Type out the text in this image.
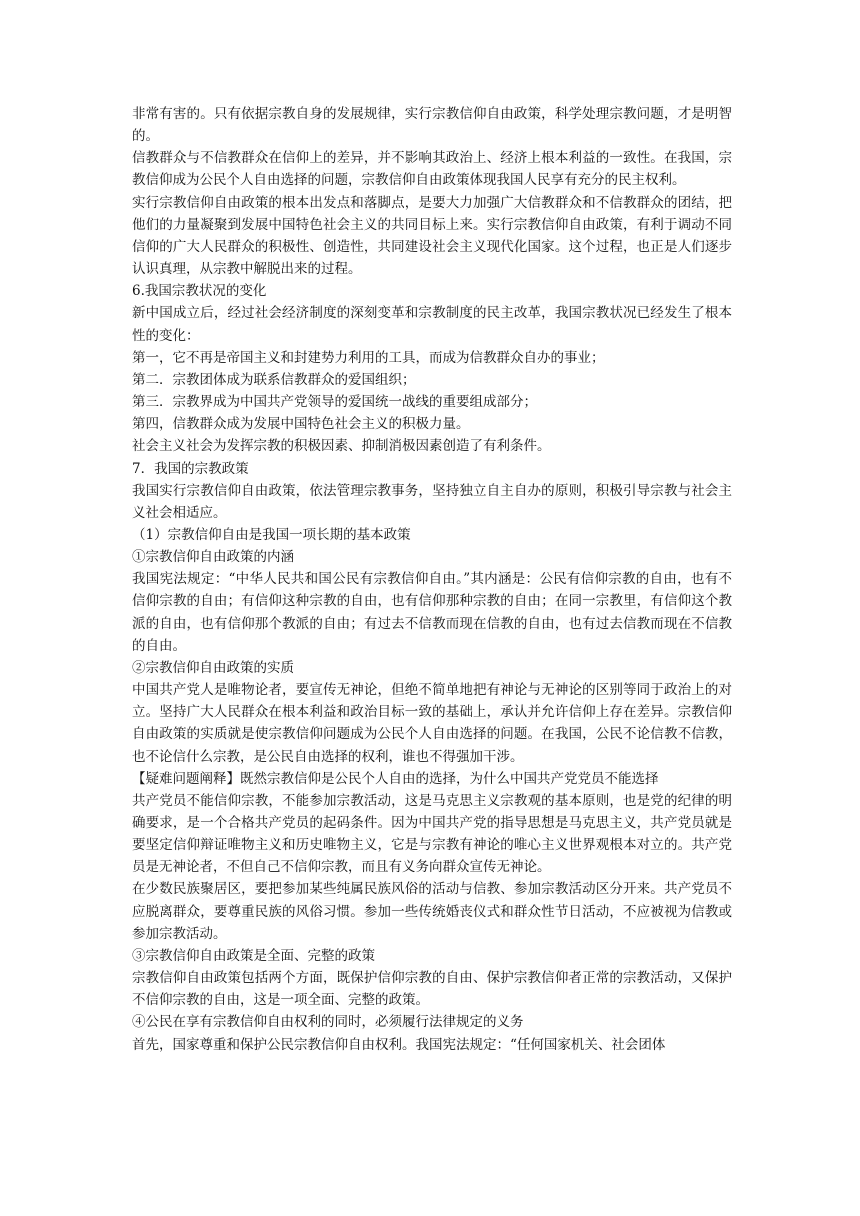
非常有害的。只有依据宗教自身的发展规律，实行宗教信仰自由政策，科学处理宗教问题，才是明智的。

信教群众与不信教群众在信仰上的差异，并不影响其政治上、经济上根本利益的一致性。在我国，宗教信仰成为公民个人自由选择的问题，宗教信仰自由政策体现我国人民享有充分的民主权利。

实行宗教信仰自由政策的根本出发点和落脚点，是要大力加强广大信教群众和不信教群众的团结，把他们的力量凝聚到发展中国特色社会主义的共同目标上来。实行宗教信仰自由政策，有利于调动不同信仰的广大人民群众的积极性、创造性，共同建设社会主义现代化国家。这个过程，也正是人们逐步认识真理，从宗教中解脱出来的过程。

6.我国宗教状况的变化

新中国成立后，经过社会经济制度的深刻变革和宗教制度的民主改革，我国宗教状况已经发生了根本性的变化：

第一，它不再是帝国主义和封建势力利用的工具，而成为信教群众自办的事业；

第二．宗教团体成为联系信教群众的爱国组织；

第三．宗教界成为中国共产党领导的爱国统一战线的重要组成部分；

第四，信教群众成为发展中国特色社会主义的积极力量。

社会主义社会为发挥宗教的积极因素、抑制消极因素创造了有利条件。

7．我国的宗教政策

我国实行宗教信仰自由政策，依法管理宗教事务，坚持独立自主自办的原则，积极引导宗教与社会主义社会相适应。

（1）宗教信仰自由是我国一项长期的基本政策

①宗教信仰自由政策的内涵

我国宪法规定：“中华人民共和国公民有宗教信仰自由。”其内涵是：公民有信仰宗教的自由，也有不信仰宗教的自由；有信仰这种宗教的自由，也有信仰那种宗教的自由；在同一宗教里，有信仰这个教派的自由，也有信仰那个教派的自由；有过去不信教而现在信教的自由，也有过去信教而现在不信教的自由。

②宗教信仰自由政策的实质

中国共产党人是唯物论者，要宣传无神论，但绝不简单地把有神论与无神论的区别等同于政治上的对立。坚持广大人民群众在根本利益和政治目标一致的基础上，承认并允许信仰上存在差异。宗教信仰自由政策的实质就是使宗教信仰问题成为公民个人自由选择的问题。在我国，公民不论信教不信教，也不论信什么宗教，是公民自由选择的权利，谁也不得强加干涉。

【疑难问题阐释】既然宗教信仰是公民个人自由的选择，为什么中国共产党党员不能选择

共产党员不能信仰宗教，不能参加宗教活动，这是马克思主义宗教观的基本原则，也是党的纪律的明确要求，是一个合格共产党员的起码条件。因为中国共产党的指导思想是马克思主义，共产党员就是要坚定信仰辩证唯物主义和历史唯物主义，它是与宗教有神论的唯心主义世界观根本对立的。共产党员是无神论者，不但自己不信仰宗教，而且有义务向群众宣传无神论。

在少数民族聚居区，要把参加某些纯属民族风俗的活动与信教、参加宗教活动区分开来。共产党员不应脱离群众，要尊重民族的风俗习惯。参加一些传统婚丧仪式和群众性节日活动，不应被视为信教或参加宗教活动。

③宗教信仰自由政策是全面、完整的政策

宗教信仰自由政策包括两个方面，既保护信仰宗教的自由、保护宗教信仰者正常的宗教活动，又保护不信仰宗教的自由，这是一项全面、完整的政策。

④公民在享有宗教信仰自由权利的同时，必须履行法律规定的义务

首先，国家尊重和保护公民宗教信仰自由权利。我国宪法规定：“任何国家机关、社会团体
